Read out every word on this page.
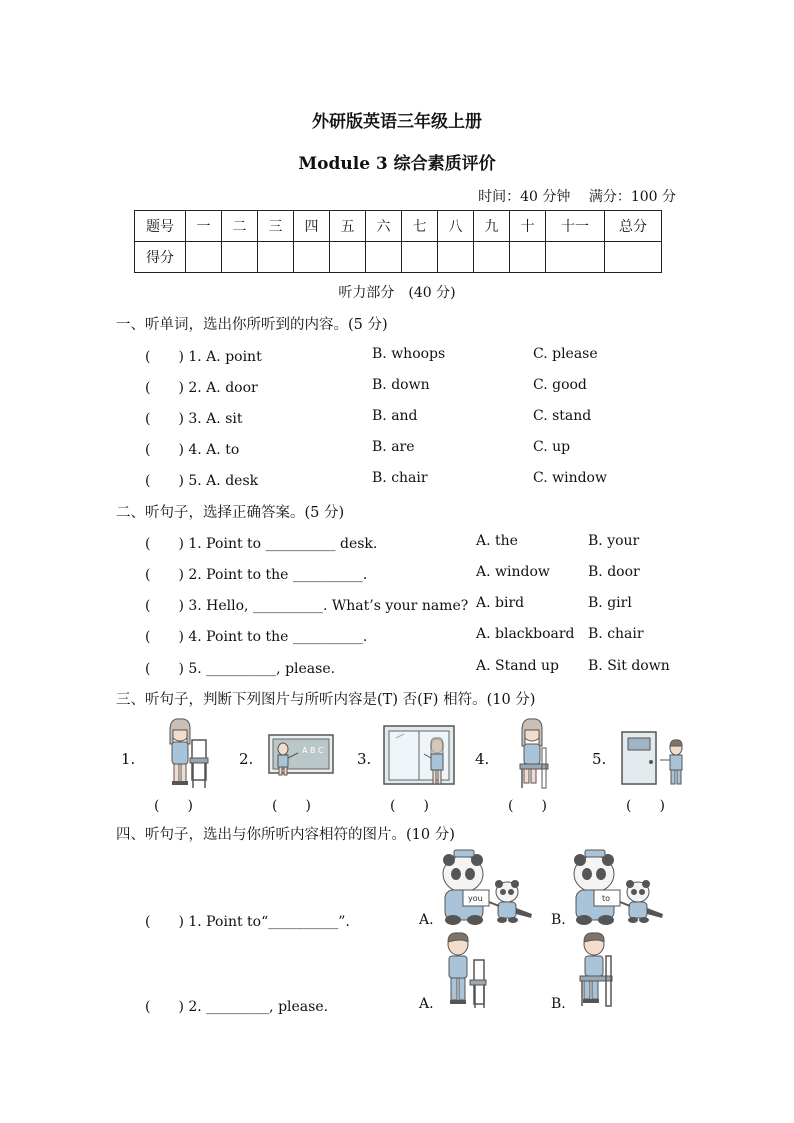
外研版英语三年级上册
Module 3 综合素质评价
时间：40 分钟　 满分：100 分
题号	一	二	三	四	五	六	七	八	九	十	十一	总分
得分												
听力部分　(40 分)
一、听单词，选出你所听到的内容。(5 分)
(　　) 1. A. point	B. whoops	C. please
(　　) 2. A. door	B. down	C. good
(　　) 3. A. sit	B. and	C. stand
(　　) 4. A. to	B. are	C. up
(　　) 5. A. desk	B. chair	C. window
二、听句子，选择正确答案。(5 分)
(　　) 1. Point to __________ desk.	A. the	B. your
(　　) 2. Point to the __________.	A. window	B. door
(　　) 3. Hello, __________. What’s your name? A. bird	B. girl
(　　) 4. Point to the __________.	A. blackboard B. chair
(　　) 5. __________, please.	A. Stand up B. Sit down
三、听句子，判断下列图片与所听内容是(T) 否(F) 相符。(10 分)
1.
(　　)
2.	A B C
(　　)
3.
(　　)
4.
(　　)
5.
(　　)
四、听句子，选出与你所听内容相符的图片。(10 分)
(　　) 1. Point to“__________”.	A.
you
B.
to
(　　) 2. _________, please.	A.	B.
